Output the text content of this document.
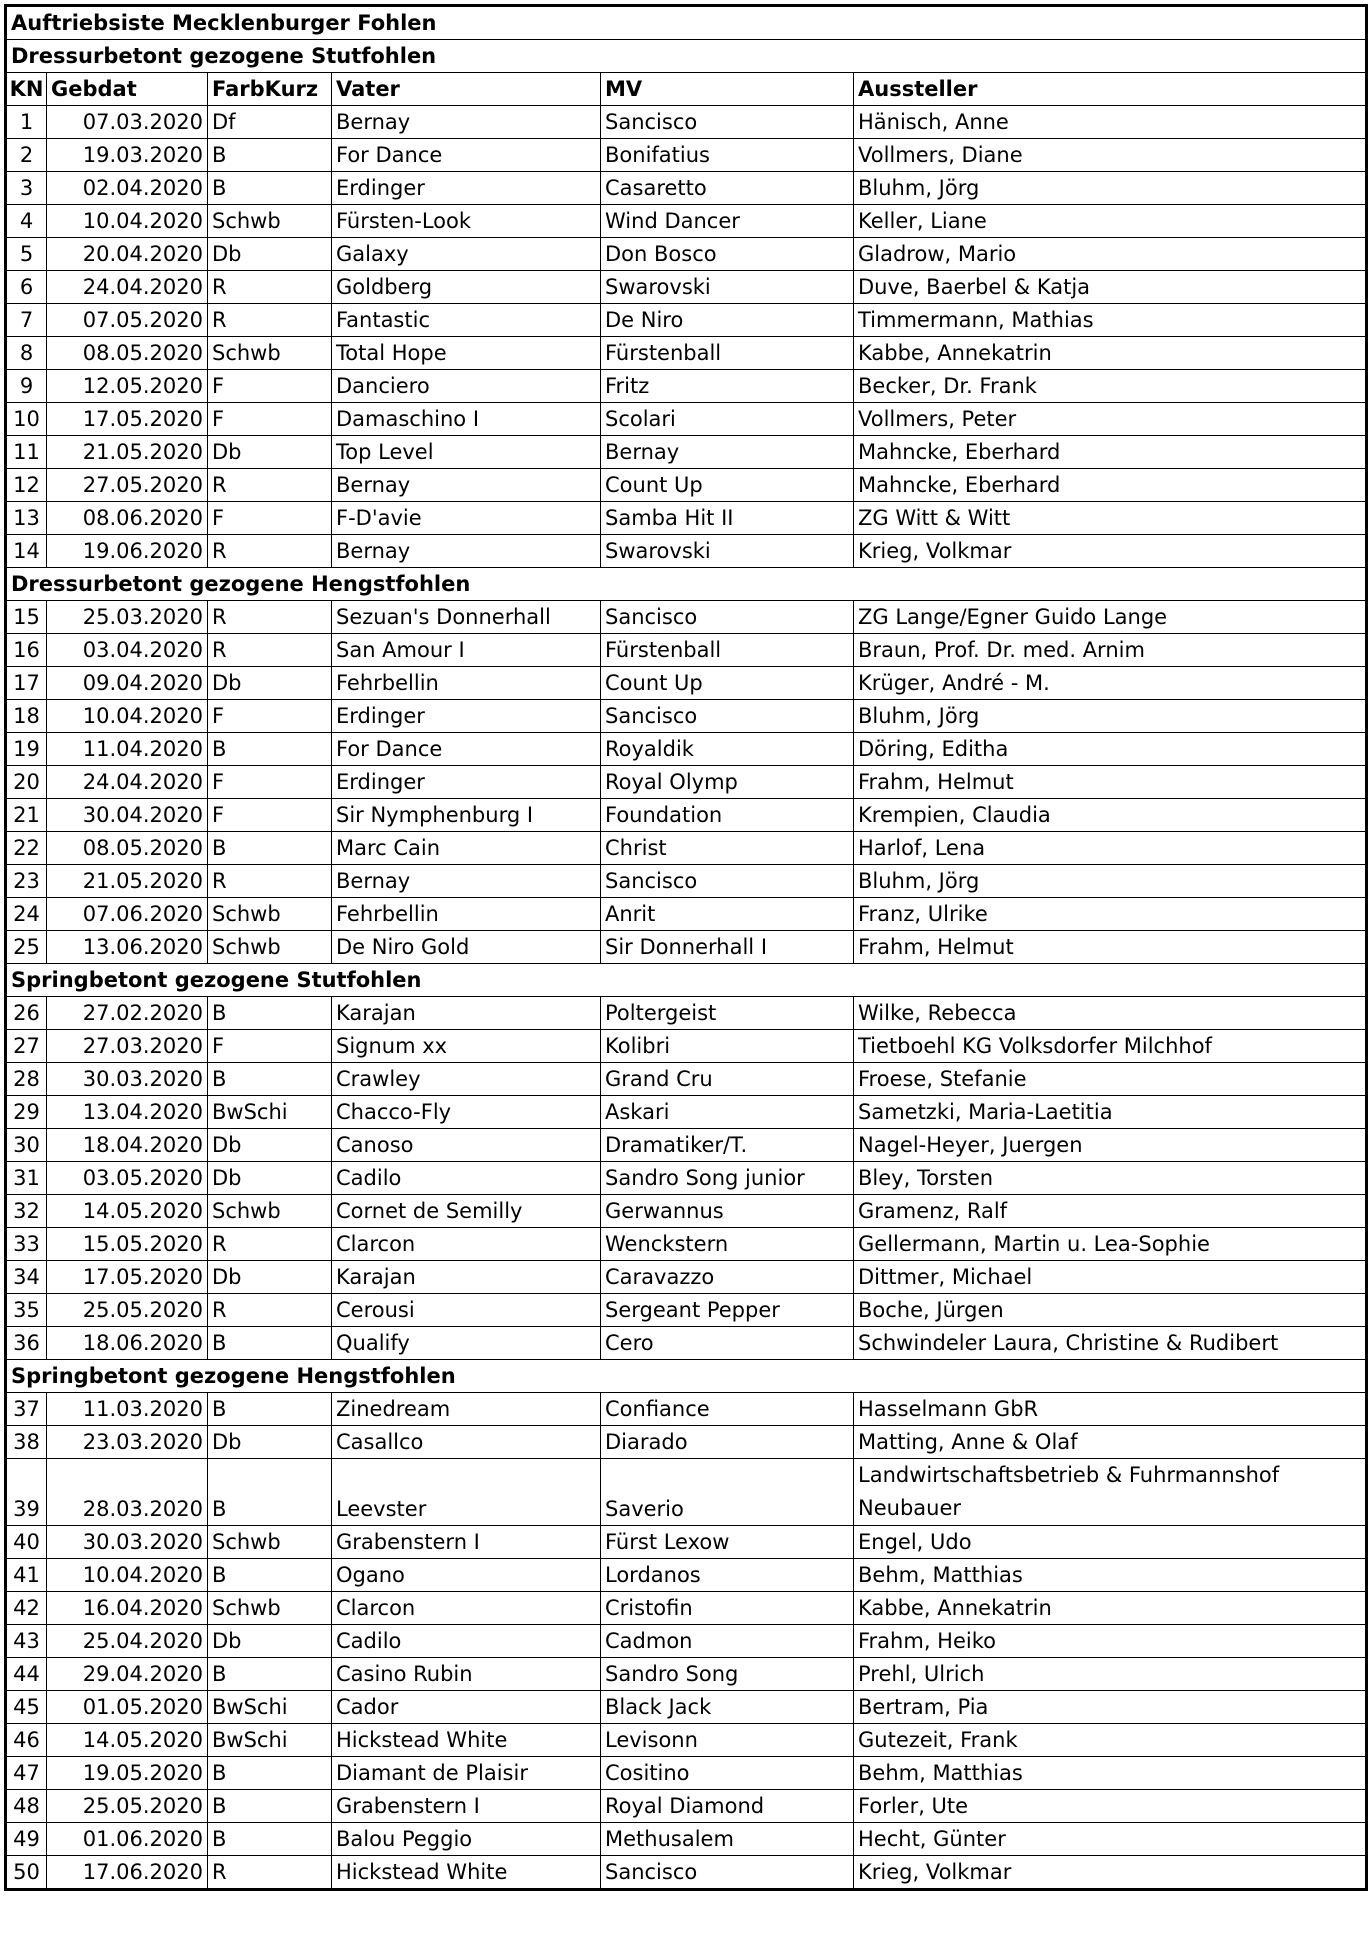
Auftriebsiste Mecklenburger Fohlen					
Dressurbetont gezogene Stutfohlen					
KN	Gebdat	FarbKurz	Vater	MV	Aussteller
1	07.03.2020	Df	Bernay	Sancisco	Hänisch, Anne
2	19.03.2020	B	For Dance	Bonifatius	Vollmers, Diane
3	02.04.2020	B	Erdinger	Casaretto	Bluhm, Jörg
4	10.04.2020	Schwb	Fürsten-Look	Wind Dancer	Keller, Liane
5	20.04.2020	Db	Galaxy	Don Bosco	Gladrow, Mario
6	24.04.2020	R	Goldberg	Swarovski	Duve, Baerbel & Katja
7	07.05.2020	R	Fantastic	De Niro	Timmermann, Mathias
8	08.05.2020	Schwb	Total Hope	Fürstenball	Kabbe, Annekatrin
9	12.05.2020	F	Danciero	Fritz	Becker, Dr. Frank
10	17.05.2020	F	Damaschino I	Scolari	Vollmers, Peter
11	21.05.2020	Db	Top Level	Bernay	Mahncke, Eberhard
12	27.05.2020	R	Bernay	Count Up	Mahncke, Eberhard
13	08.06.2020	F	F-D'avie	Samba Hit II	ZG Witt & Witt
14	19.06.2020	R	Bernay	Swarovski	Krieg, Volkmar
Dressurbetont gezogene Hengstfohlen					
15	25.03.2020	R	Sezuan's Donnerhall	Sancisco	ZG Lange/Egner Guido Lange
16	03.04.2020	R	San Amour I	Fürstenball	Braun, Prof. Dr. med. Arnim
17	09.04.2020	Db	Fehrbellin	Count Up	Krüger, André - M.
18	10.04.2020	F	Erdinger	Sancisco	Bluhm, Jörg
19	11.04.2020	B	For Dance	Royaldik	Döring, Editha
20	24.04.2020	F	Erdinger	Royal Olymp	Frahm, Helmut
21	30.04.2020	F	Sir Nymphenburg I	Foundation	Krempien, Claudia
22	08.05.2020	B	Marc Cain	Christ	Harlof, Lena
23	21.05.2020	R	Bernay	Sancisco	Bluhm, Jörg
24	07.06.2020	Schwb	Fehrbellin	Anrit	Franz, Ulrike
25	13.06.2020	Schwb	De Niro Gold	Sir Donnerhall I	Frahm, Helmut
Springbetont gezogene Stutfohlen					
26	27.02.2020	B	Karajan	Poltergeist	Wilke, Rebecca
27	27.03.2020	F	Signum xx	Kolibri	Tietboehl KG Volksdorfer Milchhof
28	30.03.2020	B	Crawley	Grand Cru	Froese, Stefanie
29	13.04.2020	BwSchi	Chacco-Fly	Askari	Sametzki, Maria-Laetitia
30	18.04.2020	Db	Canoso	Dramatiker/T.	Nagel-Heyer, Juergen
31	03.05.2020	Db	Cadilo	Sandro Song junior	Bley, Torsten
32	14.05.2020	Schwb	Cornet de Semilly	Gerwannus	Gramenz, Ralf
33	15.05.2020	R	Clarcon	Wenckstern	Gellermann, Martin u. Lea-Sophie
34	17.05.2020	Db	Karajan	Caravazzo	Dittmer, Michael
35	25.05.2020	R	Cerousi	Sergeant Pepper	Boche, Jürgen
36	18.06.2020	B	Qualify	Cero	Schwindeler Laura, Christine & Rudibert
Springbetont gezogene Hengstfohlen					
37	11.03.2020	B	Zinedream	Confiance	Hasselmann GbR
38	23.03.2020	Db	Casallco	Diarado	Matting, Anne & Olaf
39	28.03.2020	B	Leevster	Saverio	Landwirtschaftsbetrieb & Fuhrmannshof Neubauer
40	30.03.2020	Schwb	Grabenstern I	Fürst Lexow	Engel, Udo
41	10.04.2020	B	Ogano	Lordanos	Behm, Matthias
42	16.04.2020	Schwb	Clarcon	Cristofin	Kabbe, Annekatrin
43	25.04.2020	Db	Cadilo	Cadmon	Frahm, Heiko
44	29.04.2020	B	Casino Rubin	Sandro Song	Prehl, Ulrich
45	01.05.2020	BwSchi	Cador	Black Jack	Bertram, Pia
46	14.05.2020	BwSchi	Hickstead White	Levisonn	Gutezeit, Frank
47	19.05.2020	B	Diamant de Plaisir	Cositino	Behm, Matthias
48	25.05.2020	B	Grabenstern I	Royal Diamond	Forler, Ute
49	01.06.2020	B	Balou Peggio	Methusalem	Hecht, Günter
50	17.06.2020	R	Hickstead White	Sancisco	Krieg, Volkmar
